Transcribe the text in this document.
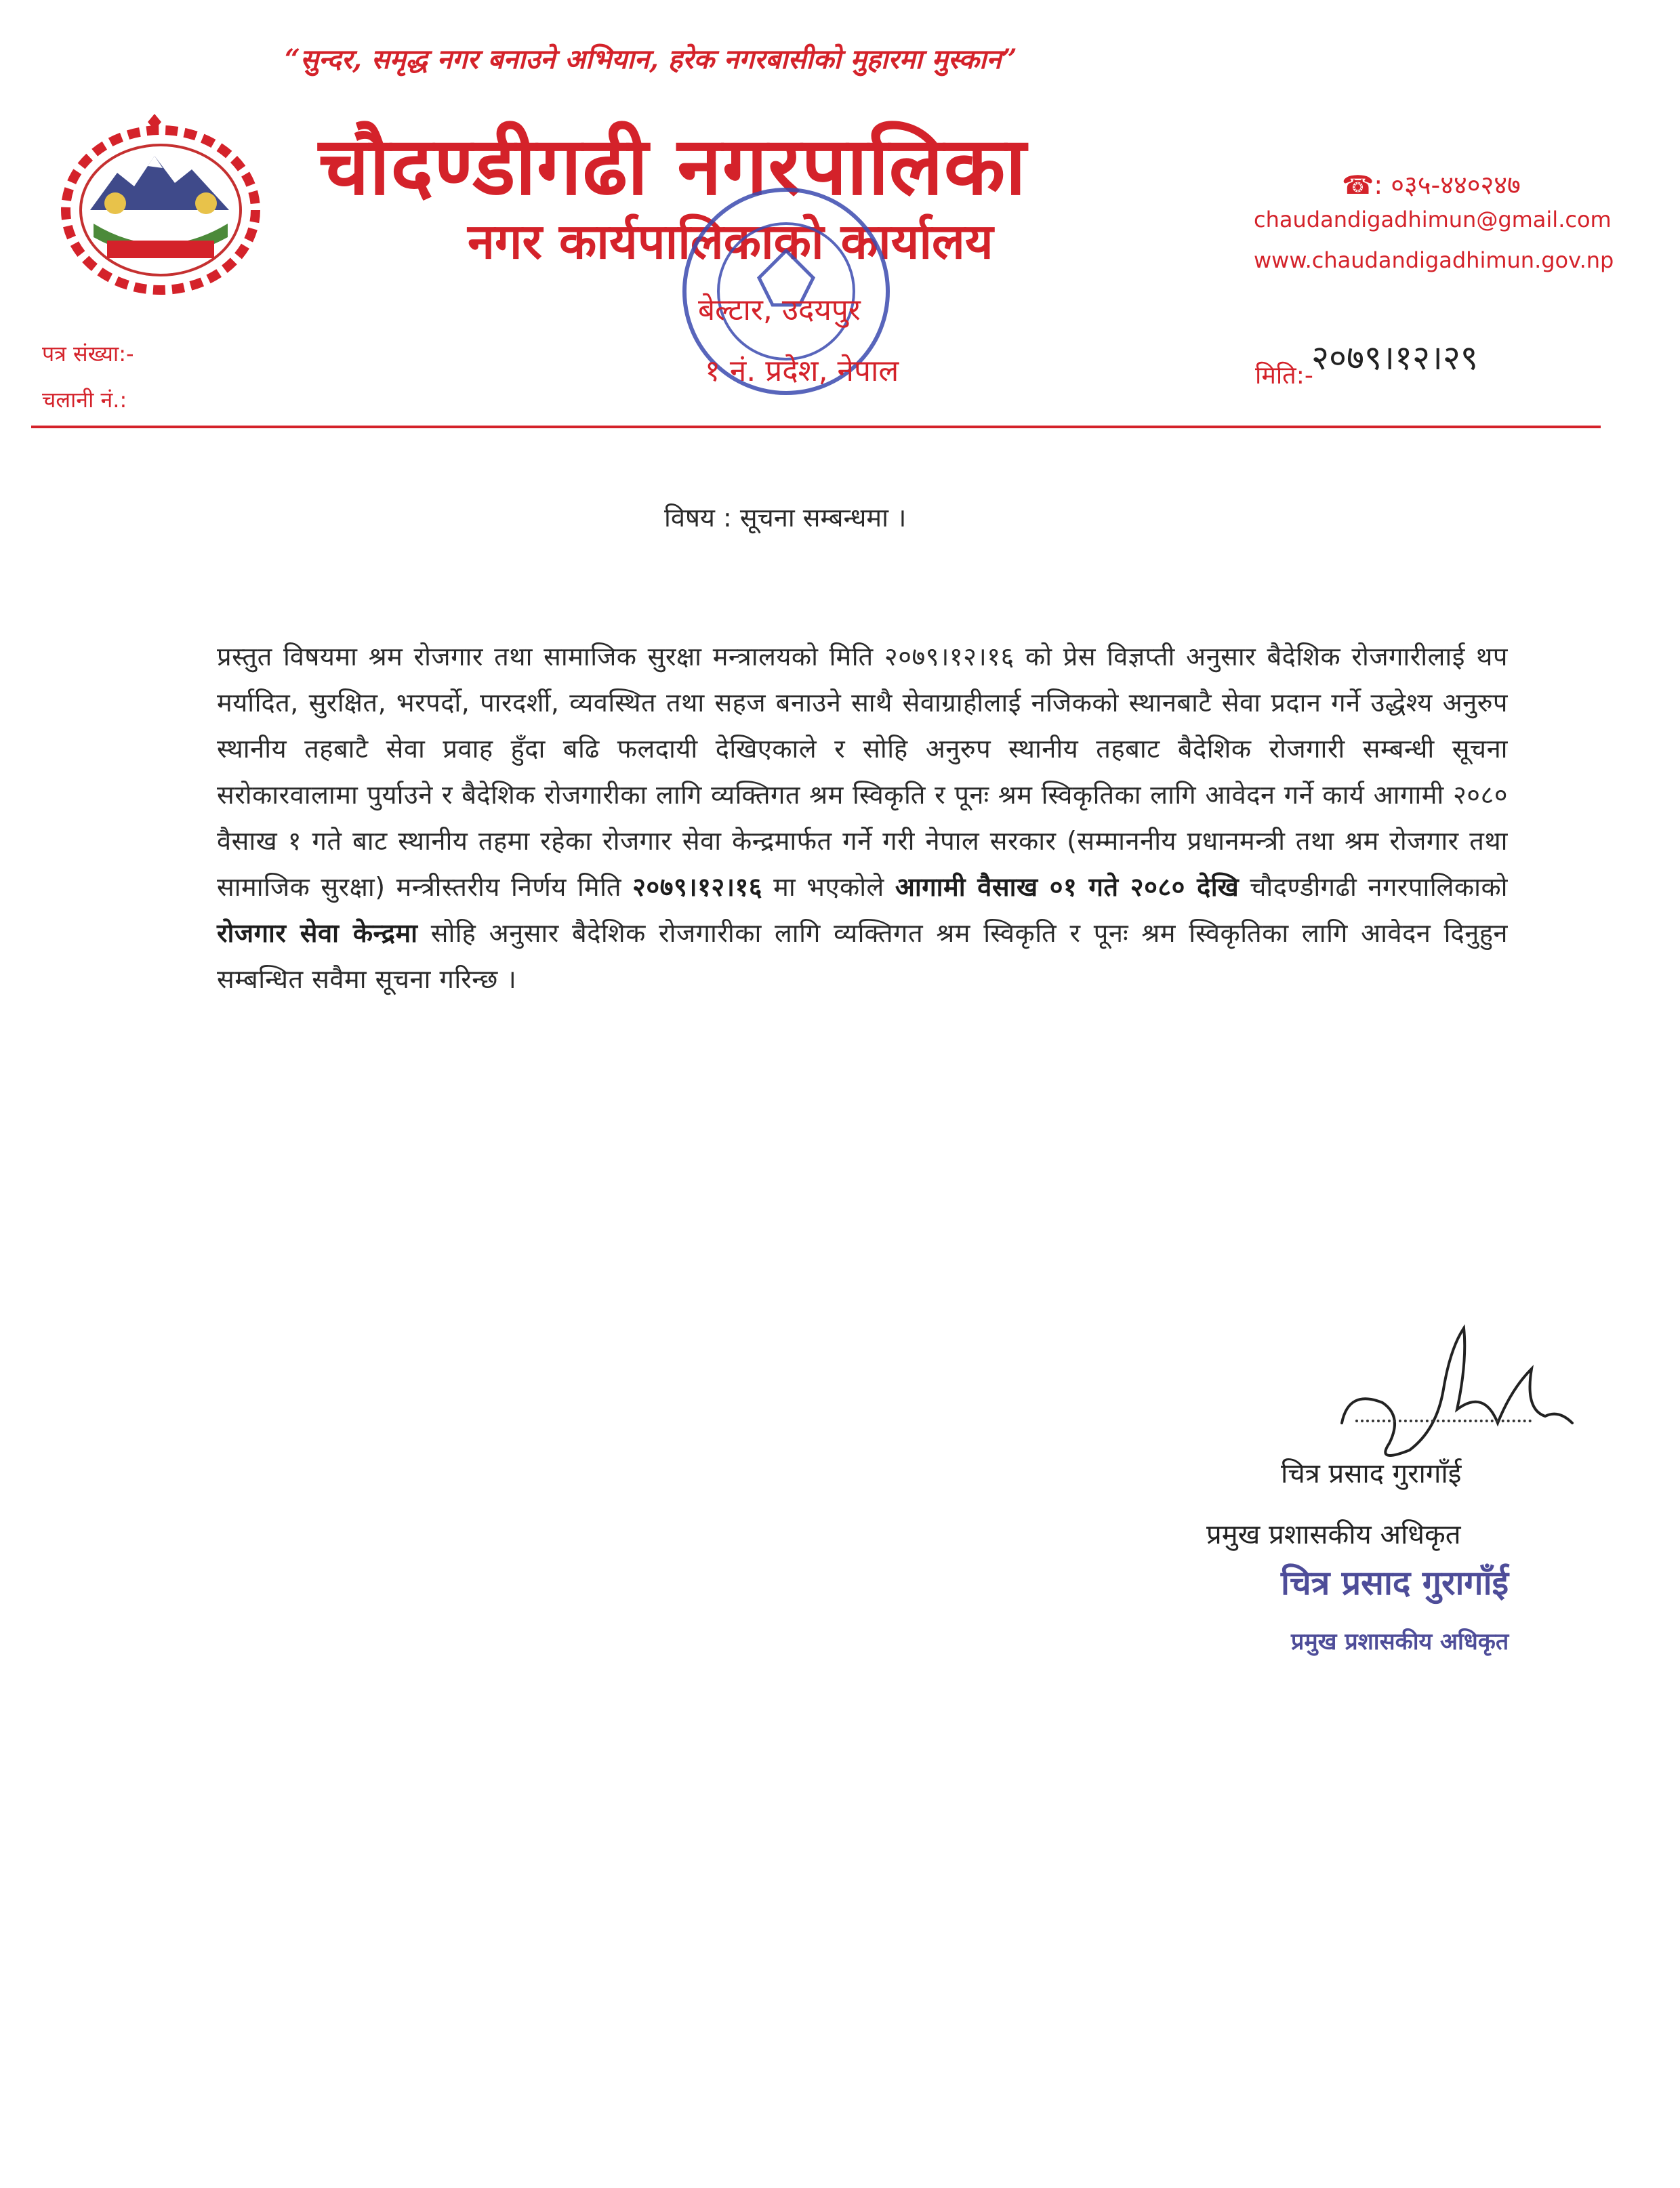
“सुन्दर, समृद्ध नगर बनाउने अभियान, हरेक नगरबासीको मुहारमा मुस्कान”
चौदण्डीगढी नगरपालिका
नगर कार्यपालिकाको कार्यालय
बेल्टार, उदयपुर
१ नं. प्रदेश, नेपाल
☎: ०३५-४४०२४७
chaudandigadhimun@gmail.com
www.chaudandigadhimun.gov.np
पत्र संख्या:-
चलानी नं.:
२०७९।१२।२९
मिति:-
विषय : सूचना सम्बन्धमा ।
प्रस्तुत विषयमा श्रम रोजगार तथा सामाजिक सुरक्षा मन्त्रालयको मिति २०७९।१२।१६ को प्रेस विज्ञप्ती अनुसार बैदेशिक रोजगारीलाई थप मर्यादित, सुरक्षित, भरपर्दो, पारदर्शी, व्यवस्थित तथा सहज बनाउने साथै सेवाग्राहीलाई नजिकको स्थानबाटै सेवा प्रदान गर्ने उद्धेश्य अनुरुप स्थानीय तहबाटै सेवा प्रवाह हुँदा बढि फलदायी देखिएकाले र सोहि अनुरुप स्थानीय तहबाट बैदेशिक रोजगारी सम्बन्धी सूचना सरोकारवालामा पुर्याउने र बैदेशिक रोजगारीका लागि व्यक्तिगत श्रम स्विकृति र पूनः श्रम स्विकृतिका लागि आवेदन गर्ने कार्य आगामी २०८० वैसाख १ गते बाट स्थानीय तहमा रहेका रोजगार सेवा केन्द्रमार्फत गर्ने गरी नेपाल सरकार (सम्माननीय प्रधानमन्त्री तथा श्रम रोजगार तथा सामाजिक सुरक्षा) मन्त्रीस्तरीय निर्णय मिति २०७९।१२।१६ मा भएकोले आगामी वैसाख ०१ गते २०८० देखि चौदण्डीगढी नगरपालिकाको रोजगार सेवा केन्द्रमा सोहि अनुसार बैदेशिक रोजगारीका लागि व्यक्तिगत श्रम स्विकृति र पूनः श्रम स्विकृतिका लागि आवेदन दिनुहुन सम्बन्धित सवैमा सूचना गरिन्छ ।
चित्र प्रसाद गुरागाँई
प्रमुख प्रशासकीय अधिकृत
चित्र प्रसाद गुरागाँई
प्रमुख प्रशासकीय अधिकृत
